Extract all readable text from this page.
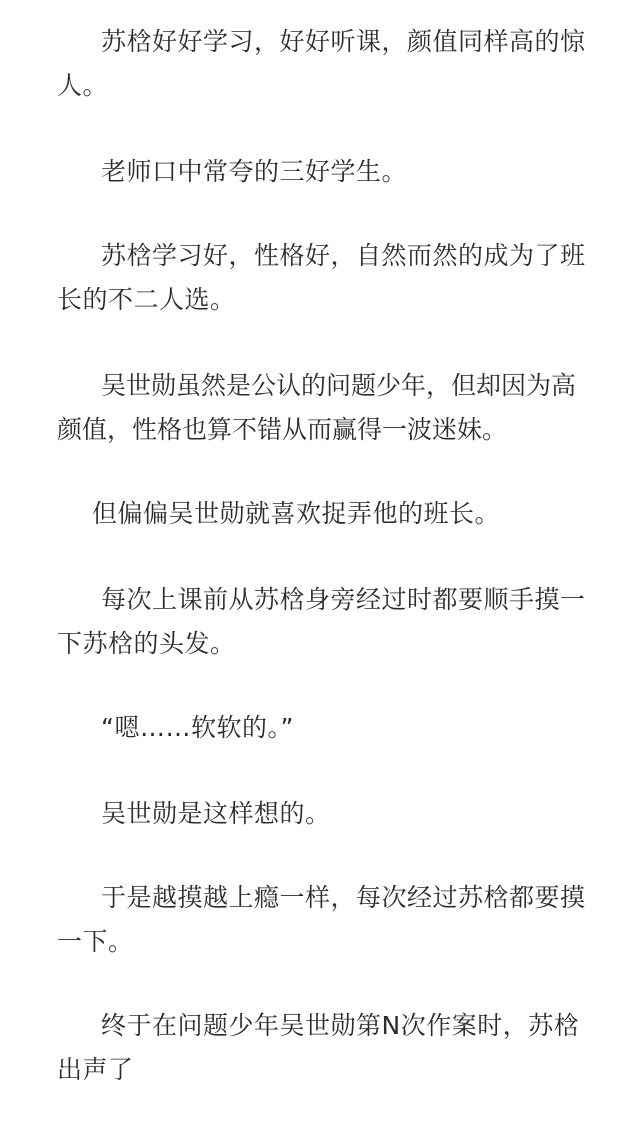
苏梒好好学习，好好听课，颜值同样高的惊人。

老师口中常夸的三好学生。

苏梒学习好，性格好，自然而然的成为了班长的不二人选。

吴世勋虽然是公认的问题少年，但却因为高颜值，性格也算不错从而赢得一波迷妹。

但偏偏吴世勋就喜欢捉弄他的班长。

每次上课前从苏梒身旁经过时都要顺手摸一下苏梒的头发。

“嗯……软软的。”

吴世勋是这样想的。

于是越摸越上瘾一样，每次经过苏梒都要摸一下。

终于在问题少年吴世勋第N次作案时，苏梒出声了
